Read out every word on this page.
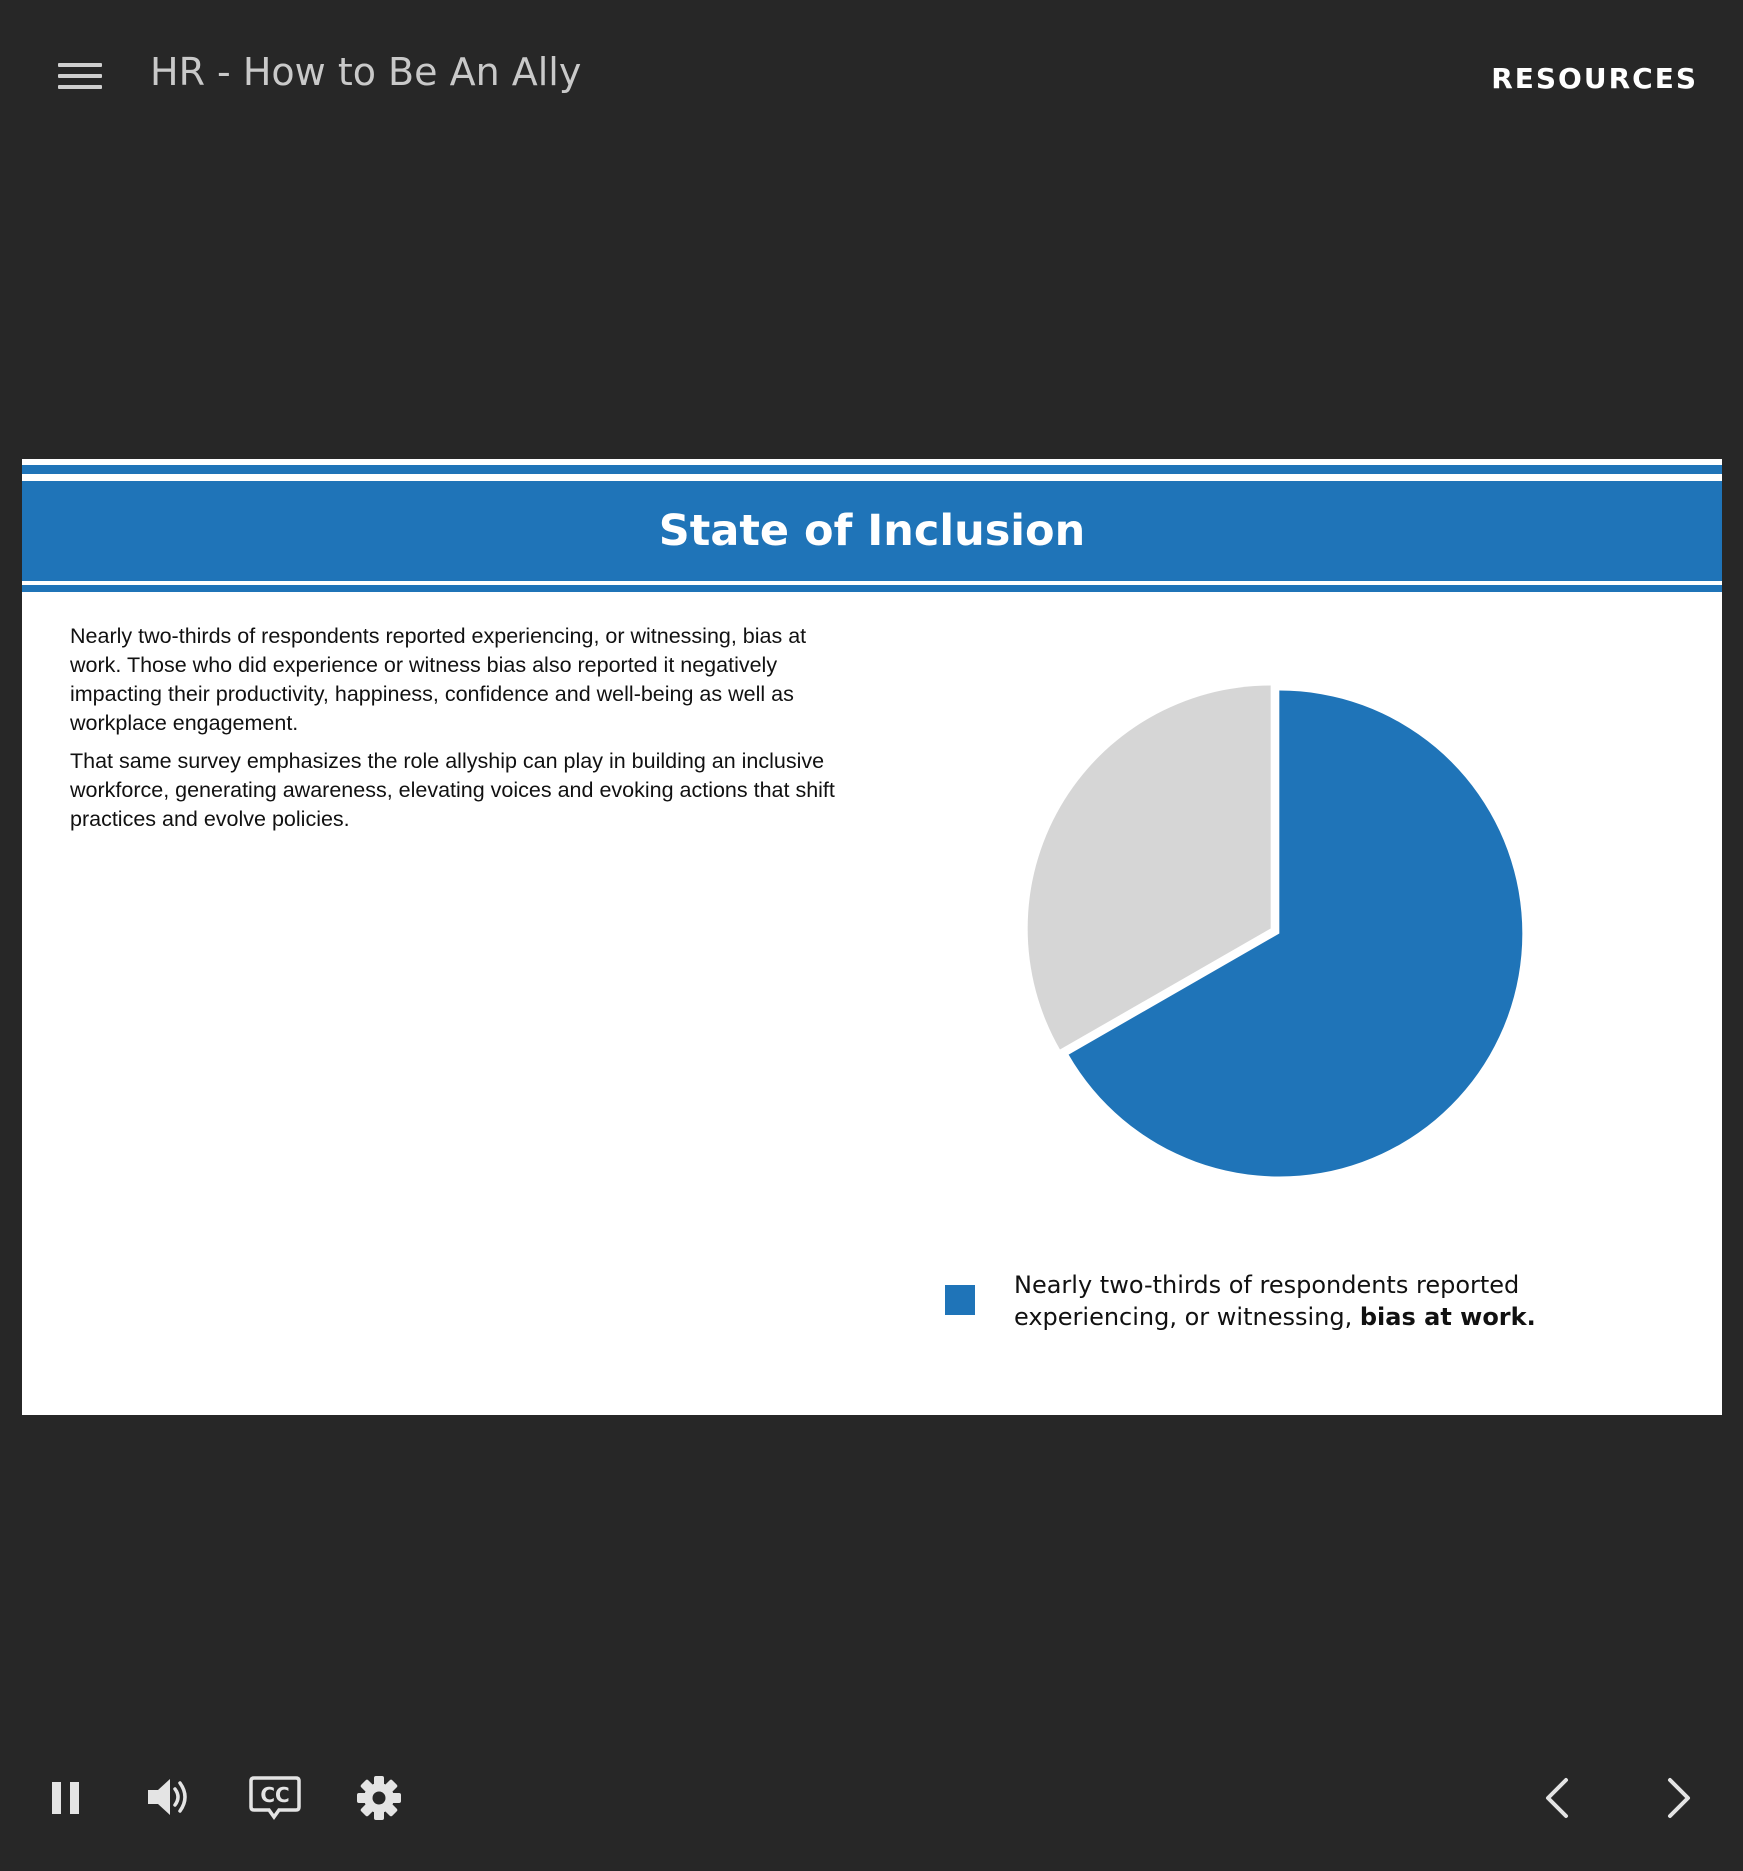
HR - How to Be An Ally	RESOURCES
State of Inclusion

Nearly two-thirds of respondents reported experiencing, or witnessing, bias at work. Those who did experience or witness bias also reported it negatively impacting their productivity, happiness, confidence and well-being as well as workplace engagement.

That same survey emphasizes the role allyship can play in building an inclusive workforce, generating awareness, elevating voices and evoking actions that shift practices and evolve policies.

Nearly two-thirds of respondents reported experiencing, or witnessing, bias at work.
CC
